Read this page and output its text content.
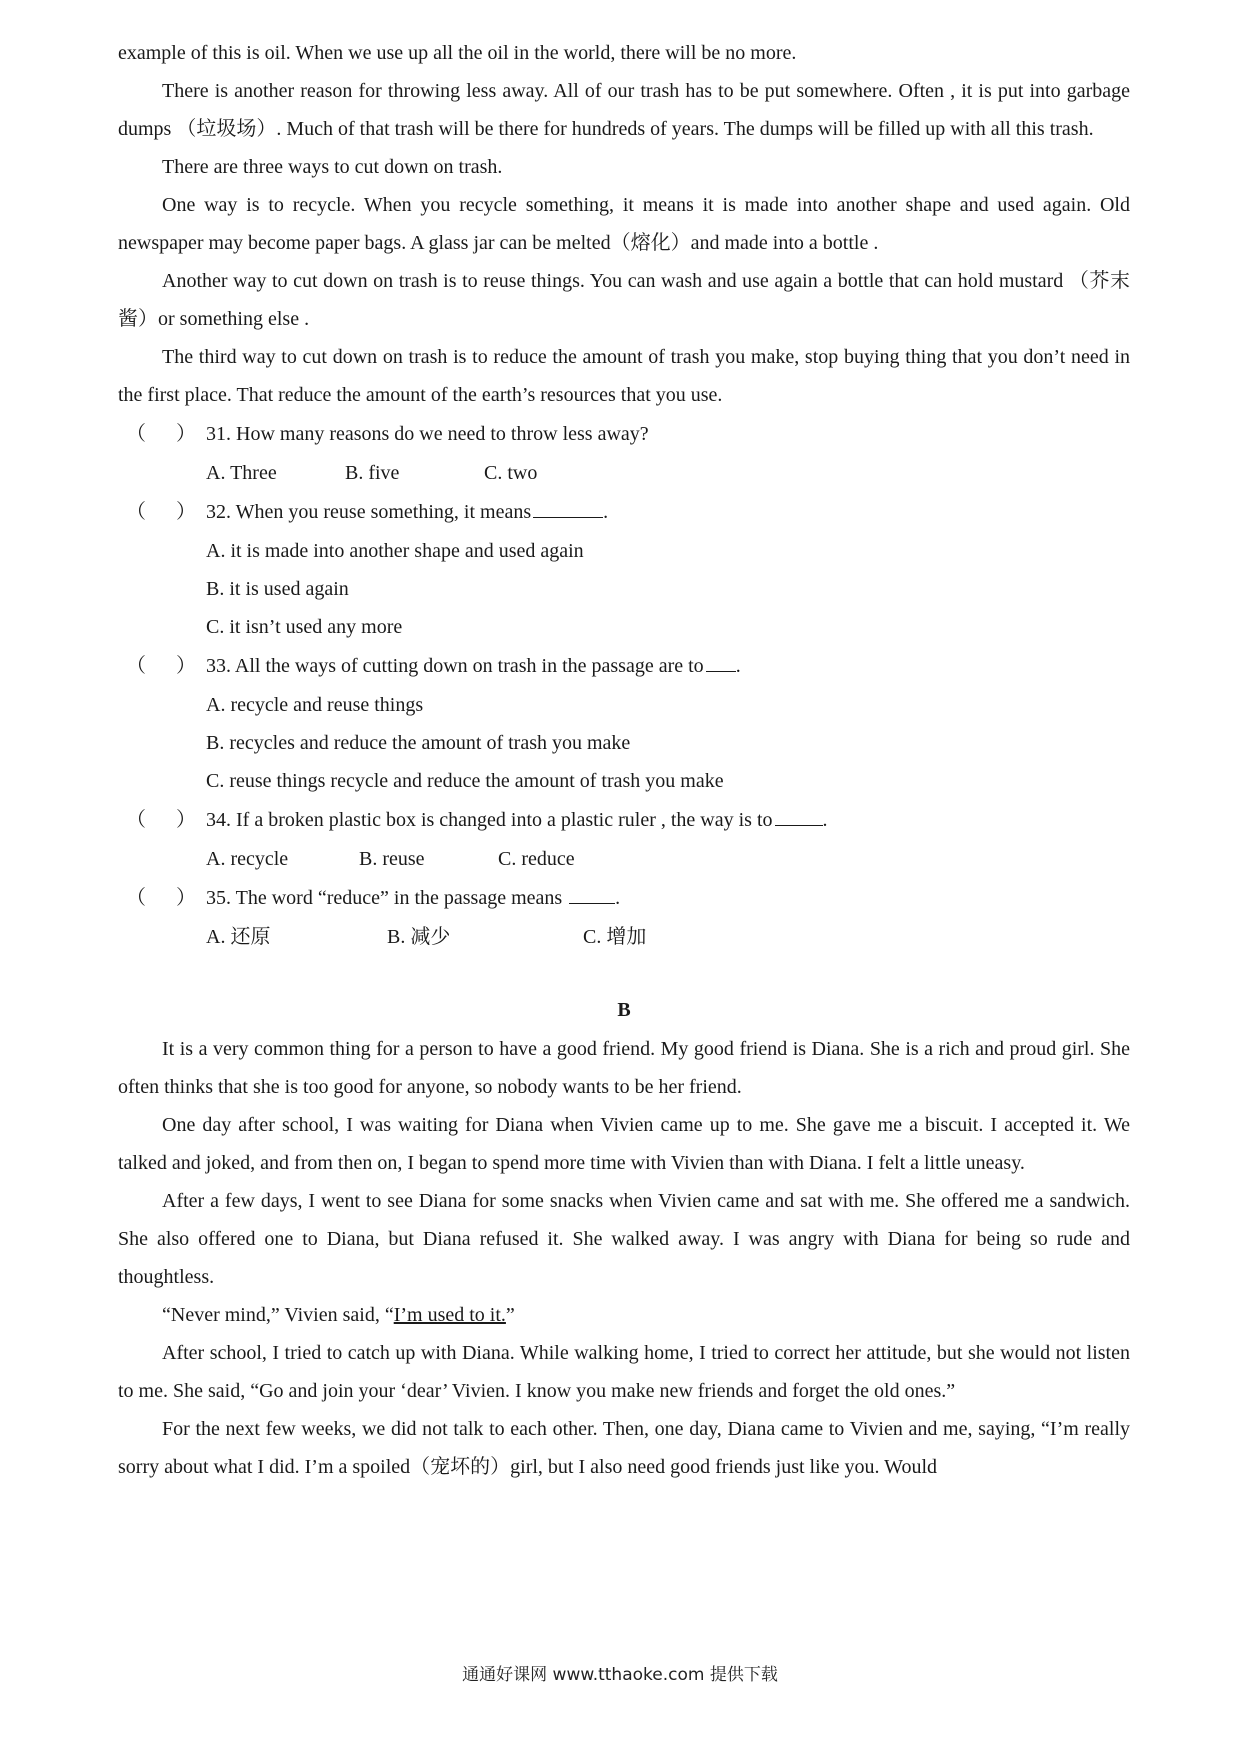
example of this is oil. When we use up all the oil in the world, there will be no more.

There is another reason for throwing less away. All of our trash has to be put somewhere. Often , it is put into garbage dumps （垃圾场）. Much of that trash will be there for hundreds of years. The dumps will be filled up with all this trash.

There are three ways to cut down on trash.

One way is to recycle. When you recycle something, it means it is made into another shape and used again. Old newspaper may become paper bags. A glass jar can be melted（熔化）and made into a bottle .

Another way to cut down on trash is to reuse things. You can wash and use again a bottle that can hold mustard （芥末酱）or something else .

The third way to cut down on trash is to reduce the amount of trash you make, stop buying thing that you don’t need in the first place. That reduce the amount of the earth’s resources that you use.

（ ） 31. How many reasons do we need to throw less away?
A. Three	B. five	C. two
（ ） 32. When you reuse something, it means	.
A. it is made into another shape and used again
B. it is used again
C. it isn’t used any more
（ ） 33. All the ways of cutting down on trash in the passage are to .
A. recycle and reuse things
B. recycles and reduce the amount of trash you make
C. reuse things recycle and reduce the amount of trash you make
（ ） 34. If a broken plastic box is changed into a plastic ruler , the way is to	.
A. recycle	B. reuse	C. reduce
（ ） 35. The word “reduce” in the passage means .
A. 还原	B. 减少	C. 增加
B

It is a very common thing for a person to have a good friend. My good friend is Diana. She is a rich and proud girl. She often thinks that she is too good for anyone, so nobody wants to be her friend.

One day after school, I was waiting for Diana when Vivien came up to me. She gave me a biscuit. I accepted it. We talked and joked, and from then on, I began to spend more time with Vivien than with Diana. I felt a little uneasy.

After a few days, I went to see Diana for some snacks when Vivien came and sat with me. She offered me a sandwich. She also offered one to Diana, but Diana refused it. She walked away. I was angry with Diana for being so rude and thoughtless.

“Never mind,” Vivien said, “I’m used to it.”

After school, I tried to catch up with Diana. While walking home, I tried to correct her attitude, but she would not listen to me. She said, “Go and join your ‘dear’ Vivien. I know you make new friends and forget the old ones.”

For the next few weeks, we did not talk to each other. Then, one day, Diana came to Vivien and me, saying, “I’m really sorry about what I did. I’m a spoiled（宠坏的）girl, but I also need good friends just like you. Would

通通好课网 www.tthaoke.com 提供下载
